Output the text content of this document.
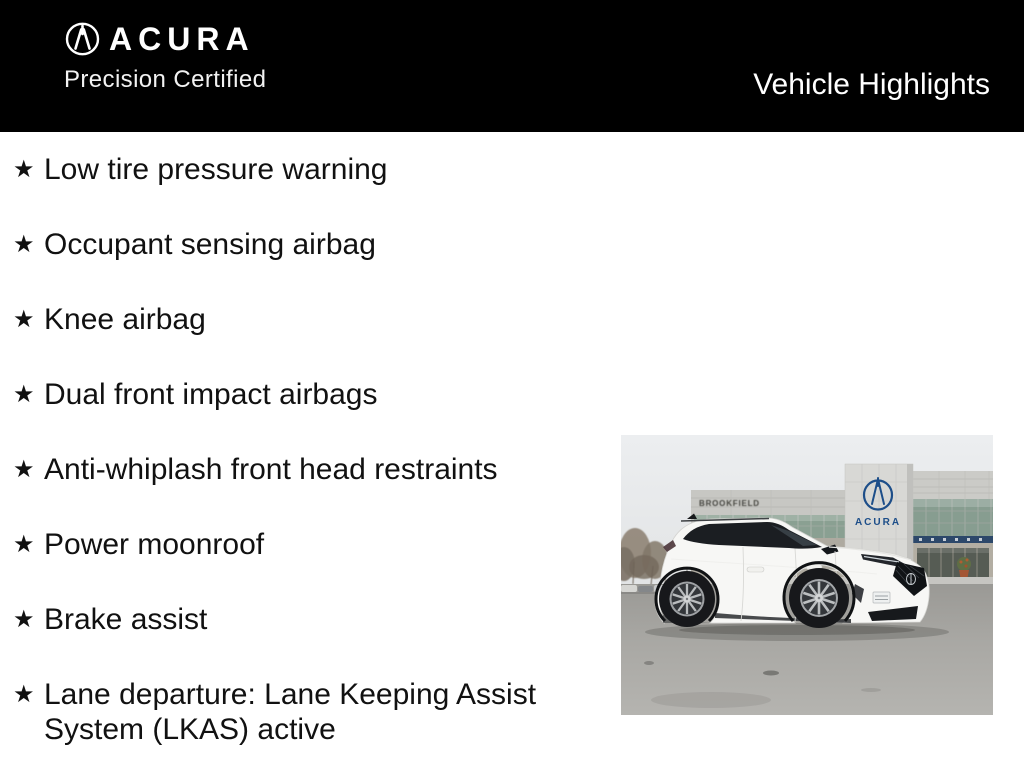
ACURA
Precision Certified	Vehicle Highlights
★ Low tire pressure warning
★ Occupant sensing airbag
★ Knee airbag
★ Dual front impact airbags
★ Anti-whiplash front head restraints
★ Power moonroof
★ Brake assist
★ Lane departure: Lane Keeping Assist System (LKAS) active
BROOKFIELD
ACURA
